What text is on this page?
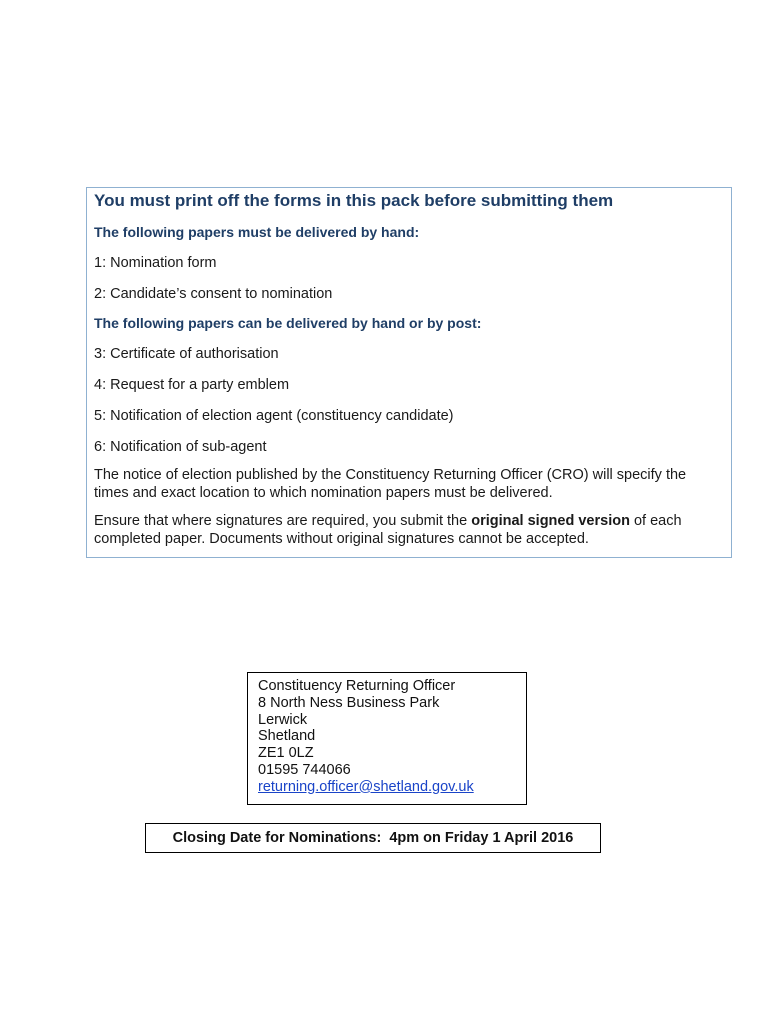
You must print off the forms in this pack before submitting them
The following papers must be delivered by hand:
1: Nomination form
2: Candidate’s consent to nomination
The following papers can be delivered by hand or by post:
3: Certificate of authorisation
4: Request for a party emblem
5: Notification of election agent (constituency candidate)
6: Notification of sub-agent

The notice of election published by the Constituency Returning Officer (CRO) will specify the times and exact location to which nomination papers must be delivered.

Ensure that where signatures are required, you submit the original signed version of each completed paper. Documents without original signatures cannot be accepted.

Constituency Returning Officer
8 North Ness Business Park
Lerwick
Shetland
ZE1 0LZ
01595 744066
returning.officer@shetland.gov.uk
Closing Date for Nominations:  4pm on Friday 1 April 2016
